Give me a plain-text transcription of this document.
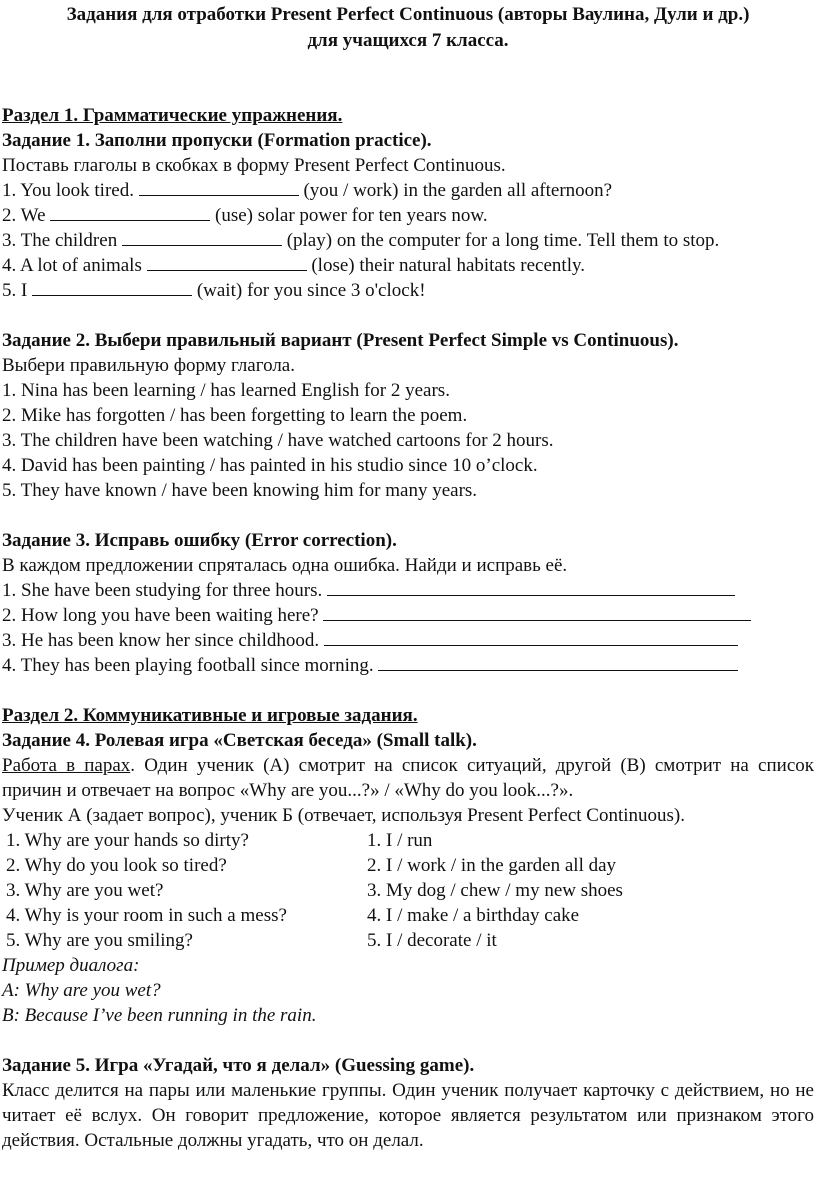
Задания для отработки Present Perfect Continuous (авторы Ваулина, Дули и др.)

для учащихся 7 класса.

Раздел 1. Грамматические упражнения.

Задание 1. Заполни пропуски (Formation practice).

Поставь глаголы в скобках в форму Present Perfect Continuous.

1. You look tired.	(you / work) in the garden all afternoon?

2. We	(use) solar power for ten years now.

3. The children	(play) on the computer for a long time. Tell them to stop.

4. A lot of animals	(lose) their natural habitats recently.

5. I	(wait) for you since 3 o'clock!

Задание 2. Выбери правильный вариант (Present Perfect Simple vs Continuous).

Выбери правильную форму глагола.

1. Nina has been learning / has learned English for 2 years.

2. Mike has forgotten / has been forgetting to learn the poem.

3. The children have been watching / have watched cartoons for 2 hours.

4. David has been painting / has painted in his studio since 10 o’clock.

5. They have known / have been knowing him for many years.

Задание 3. Исправь ошибку (Error correction).

В каждом предложении спряталась одна ошибка. Найди и исправь её.

1. She have been studying for three hours.

2. How long you have been waiting here?

3. He has been know her since childhood.

4. They has been playing football since morning.

Раздел 2. Коммуникативные и игровые задания.

Задание 4. Ролевая игра «Светская беседа» (Small talk).

Работа в парах. Один ученик (А) смотрит на список ситуаций, другой (В) смотрит на список причин и отвечает на вопрос «Why are you...?» / «Why do you look...?».

Ученик А (задает вопрос), ученик Б (отвечает, используя Present Perfect Continuous).

1. Why are your hands so dirty?	1. I / run

2. Why do you look so tired?	2. I / work / in the garden all day

3. Why are you wet?	3. My dog / chew / my new shoes

4. Why is your room in such a mess?	4. I / make / a birthday cake

5. Why are you smiling?	5. I / decorate / it

Пример диалога:

A: Why are you wet?

B: Because I’ve been running in the rain.

Задание 5. Игра «Угадай, что я делал» (Guessing game).

Класс делится на пары или маленькие группы. Один ученик получает карточку с действием, но не читает её вслух. Он говорит предложение, которое является результатом или признаком этого действия. Остальные должны угадать, что он делал.
